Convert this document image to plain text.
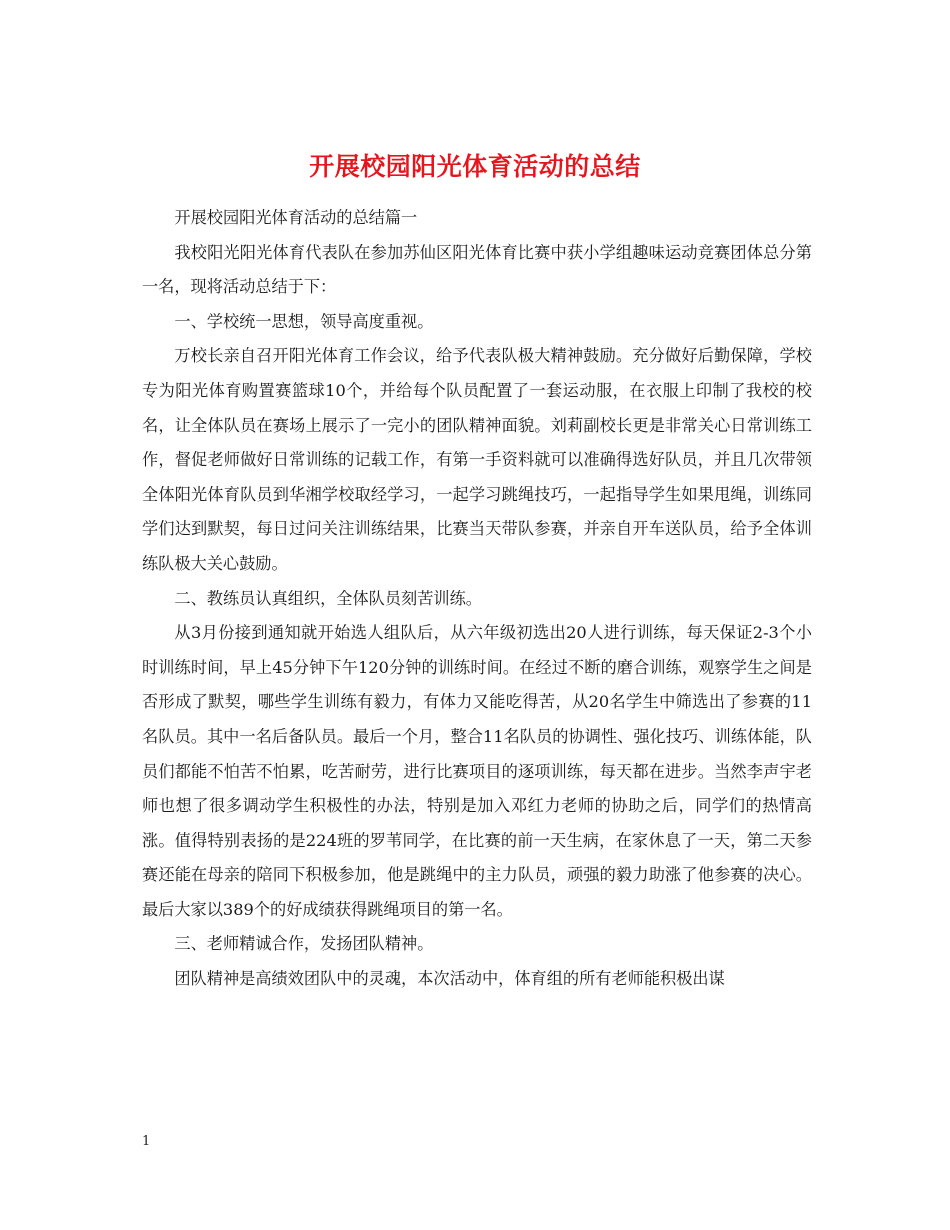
开展校园阳光体育活动的总结

开展校园阳光体育活动的总结篇一

我校阳光阳光体育代表队在参加苏仙区阳光体育比赛中获小学组趣味运动竞赛团体总分第一名，现将活动总结于下：

一、学校统一思想，领导高度重视。

万校长亲自召开阳光体育工作会议，给予代表队极大精神鼓励。充分做好后勤保障，学校专为阳光体育购置赛篮球10个，并给每个队员配置了一套运动服，在衣服上印制了我校的校名，让全体队员在赛场上展示了一完小的团队精神面貌。刘莉副校长更是非常关心日常训练工作，督促老师做好日常训练的记载工作，有第一手资料就可以准确得选好队员，并且几次带领全体阳光体育队员到华湘学校取经学习，一起学习跳绳技巧，一起指导学生如果甩绳，训练同学们达到默契，每日过问关注训练结果，比赛当天带队参赛，并亲自开车送队员，给予全体训练队极大关心鼓励。

二、教练员认真组织，全体队员刻苦训练。

从3月份接到通知就开始选人组队后，从六年级初选出20人进行训练，每天保证2-3个小时训练时间，早上45分钟下午120分钟的训练时间。在经过不断的磨合训练，观察学生之间是否形成了默契，哪些学生训练有毅力，有体力又能吃得苦，从20名学生中筛选出了参赛的11名队员。其中一名后备队员。最后一个月，整合11名队员的协调性、强化技巧、训练体能，队员们都能不怕苦不怕累，吃苦耐劳，进行比赛项目的逐项训练，每天都在进步。当然李声宇老师也想了很多调动学生积极性的办法，特别是加入邓红力老师的协助之后，同学们的热情高涨。值得特别表扬的是224班的罗苇同学，在比赛的前一天生病，在家休息了一天，第二天参赛还能在母亲的陪同下积极参加，他是跳绳中的主力队员，顽强的毅力助涨了他参赛的决心。最后大家以389个的好成绩获得跳绳项目的第一名。

三、老师精诚合作，发扬团队精神。

团队精神是高绩效团队中的灵魂，本次活动中，体育组的所有老师能积极出谋

1
